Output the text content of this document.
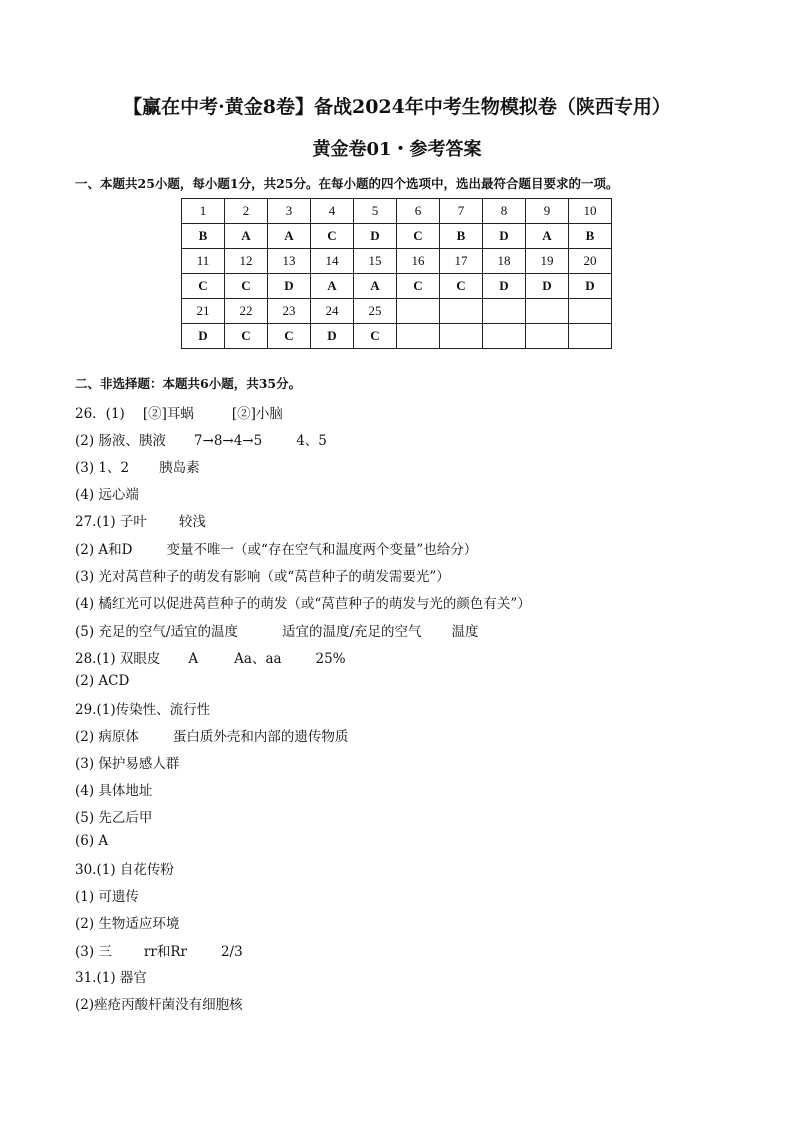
【赢在中考·黄金8卷】备战2024年中考生物模拟卷（陕西专用）
黄金卷01・参考答案
一、本题共25小题，每小题1分，共25分。在每小题的四个选项中，选出最符合题目要求的一项。
1	2	3	4	5	6	7	8	9	10
B	A	A	C	D	C	B	D	A	B
11	12	13	14	15	16	17	18	19	20
C	C	D	A	A	C	C	D	D	D
21	22	23	24	25					
D	C	C	D	C					
二、非选择题：本题共6小题，共35分。
26．(1) [②]耳蜗	[②]小脑
(2) 肠液、胰液 7→8→4→5	4、5
(3) 1、2 胰岛素
(4) 远心端
27.(1) 子叶 较浅
(2) A和D	变量不唯一（或“存在空气和温度两个变量”也给分）
(3) 光对莴苣种子的萌发有影响（或“莴苣种子的萌发需要光”）
(4) 橘红光可以促进莴苣种子的萌发（或“莴苣种子的萌发与光的颜色有关”）
(5) 充足的空气/适宜的温度	适宜的温度/充足的空气 温度
28.(1) 双眼皮 A	Aa、aa	25%
(2) ACD
29.(1)传染性、流行性
(2) 病原体	蛋白质外壳和内部的遗传物质
(3) 保护易感人群
(4) 具体地址
(5) 先乙后甲
(6) A
30.(1) 自花传粉
(1) 可遗传
(2) 生物适应环境
(3) 三 rr和Rr	2/3
31.(1) 器官
(2)痤疮丙酸杆菌没有细胞核
